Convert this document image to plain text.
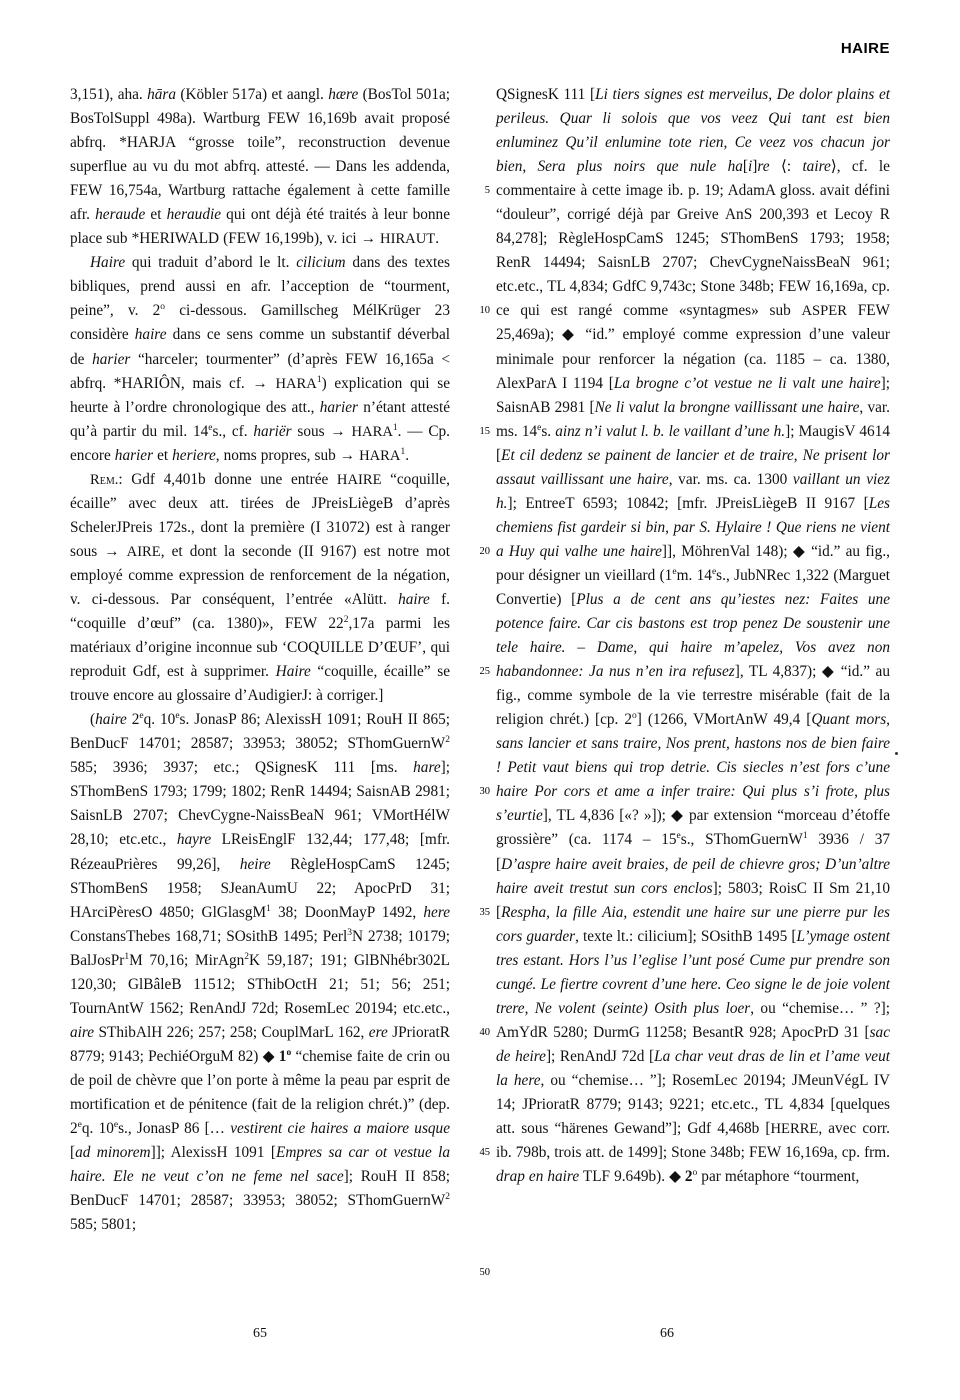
HAIRE

3,151), aha. hāra (Köbler 517a) et aangl. hære (BosTol 501a; BosTolSuppl 498a). Wartburg FEW 16,169b avait proposé abfrq. *HARJA “grosse toile”, reconstruction devenue superflue au vu du mot abfrq. attesté. — Dans les addenda, FEW 16,754a, Wartburg rattache également à cette famille afr. heraude et heraudie qui ont déjà été traités à leur bonne place sub *HERIWALD (FEW 16,199b), v. ici → HIRAUT.

Haire qui traduit d’abord le lt. cilicium dans des textes bibliques, prend aussi en afr. l’acception de “tourment, peine”, v. 2$^o$ ci-dessous. Gamillscheg MélKrüger 23 considère haire dans ce sens comme un substantif déverbal de harier “harceler; tourmenter” (d’après FEW 16,165a < abfrq. *HARIÔN, mais cf. → $HARA^1$) explication qui se heurte à l’ordre chronologique des att., harier n’étant attesté qu’à partir du mil. 14es., cf. hariër sous → $HARA^1$. — Cp. encore harier et heriere, noms propres, sub → $HARA^1$.

Rem.: Gdf 4,401b donne une entrée HAIRE “coquille, écaille” avec deux att. tirées de JPreisLiègeB d’après SchelerJPreis 172s., dont la première (I 31072) est à ranger sous → AIRE, et dont la seconde (II 9167) est notre mot employé comme expression de renforcement de la négation, v. ci-dessous. Par conséquent, l’entrée «Alütt. haire f. “coquille d’œuf” (ca. 1380)», FEW $22^2,17a$ parmi les matériaux d’origine inconnue sub ‘COQUILLE D’ŒUF’, qui reproduit Gdf, est à supprimer. Haire “coquille, écaille” se trouve encore au glossaire d’AudigierJ: à corriger.]

(haire 2eq. 10es. JonasP 86; AlexissH 1091; RouH II 865; BenDucF 14701; 28587; 33953; 38052; SThomGuernW$^2$ 585; 3936; 3937; etc.; QSignesK 111 [ms. hare]; SThomBenS 1793; 1799; 1802; RenR 14494; SaisnAB 2981; SaisnLB 2707; ChevCygne-NaissBeaN 961; VMortHélW 28,10; etc.etc., hayre LReisEnglF 132,44; 177,48; [mfr. RézeauPrières 99,26], heire RègleHospCamS 1245; SThomBenS 1958; SJeanAumU 22; ApocPrD 31; HArciPèresO 4850; GlGlasgM$^1$ 38; DoonMayP 1492, here ConstansThebes 168,71; SOsithB 1495; Perl$^3$N 2738; 10179; BalJosPr$^1$M 70,16; MirAgn$^2$K 59,187; 191; GlBNhébr302L 120,30; GlBâleB 11512; SThibOctH 21; 51; 56; 251; TournAntW 1562; RenAndJ 72d; RosemLec 20194; etc.etc., aire SThibAlH 226; 257; 258; CouplMarL 162, ere JPrioratR 8779; 9143; PechiéOrguM 82) ◆ 1$^o$ “chemise faite de crin ou de poil de chèvre que l’on porte à même la peau par esprit de mortification et de pénitence (fait de la religion chrét.)” (dep. 2eq. 10es., JonasP 86 [… vestirent cie haires a maiore usque [ad minorem]]; AlexissH 1091 [Empres sa car ot vestue la haire. Ele ne veut c’on ne feme nel sace]; RouH II 858; BenDucF 14701; 28587; 33953; 38052; SThomGuernW$^2$ 585; 5801;

5
10
15
20
25
30
35
40
45
50

QSignesK 111 [Li tiers signes est merveilus, De dolor plains et perileus. Quar li solois que vos veez Qui tant est bien enluminez Qu’il enlumine tote rien, Ce veez vos chacun jor bien, Sera plus noirs que nule ha[i]re ⟨: taire⟩, cf. le commentaire à cette image ib. p. 19; AdamA gloss. avait défini “douleur”, corrigé déjà par Greive AnS 200,393 et Lecoy R 84,278]; RègleHospCamS 1245; SThomBenS 1793; 1958; RenR 14494; SaisnLB 2707; ChevCygneNaissBeaN 961; etc.etc., TL 4,834; GdfC 9,743c; Stone 348b; FEW 16,169a, cp. ce qui est rangé comme «syntagmes» sub ASPER FEW 25,469a); ◆ “id.” employé comme expression d’une valeur minimale pour renforcer la négation (ca. 1185 – ca. 1380, AlexParA I 1194 [La brogne c’ot vestue ne li valt une haire]; SaisnAB 2981 [Ne li valut la brongne vaillissant une haire, var. ms. 14es. ainz n’i valut l. b. le vaillant d’une h.]; MaugisV 4614 [Et cil dedenz se painent de lancier et de traire, Ne prisent lor assaut vaillissant une haire, var. ms. ca. 1300 vaillant un viez h.]; EntreeT 6593; 10842; [mfr. JPreisLiègeB II 9167 [Les chemiens fist gardeir si bin, par S. Hylaire ! Que riens ne vient a Huy qui valhe une haire]], MöhrenVal 148); ◆ “id.” au fig., pour désigner un vieillard (1em. 14es., JubNRec 1,322 (Marguet Convertie) [Plus a de cent ans qu’iestes nez: Faites une potence faire. Car cis bastons est trop penez De soustenir une tele haire. – Dame, qui haire m’apelez, Vos avez non habandonnee: Ja nus n’en ira refusez], TL 4,837); ◆ “id.” au fig., comme symbole de la vie terrestre misérable (fait de la religion chrét.) [cp. 2$^o$] (1266, VMortAnW 49,4 [Quant mors, sans lancier et sans traire, Nos prent, hastons nos de bien faire ! Petit vaut biens qui trop detrie. Cis siecles n’est fors c’une haire Por cors et ame a infer traire: Qui plus s’i frote, plus s’eurtie], TL 4,836 [«? »]); ◆ par extension “morceau d’étoffe grossière” (ca. 1174 – 15es., SThomGuernW$^1$ 3936 / 37 [D’aspre haire aveit braies, de peil de chievre gros; D’un’altre haire aveit trestut sun cors enclos]; 5803; RoisC II Sm 21,10 [Respha, la fille Aia, estendit une haire sur une pierre pur les cors guarder, texte lt.: cilicium]; SOsithB 1495 [L’ymage ostent tres estant. Hors l’us l’eglise l’unt posé Cume pur prendre son cungé. Le fiertre covrent d’une here. Ceo signe le de joie volent trere, Ne volent (seinte) Osith plus loer, ou “chemise… ” ?]; AmYdR 5280; DurmG 11258; BesantR 928; ApocPrD 31 [sac de heire]; RenAndJ 72d [La char veut dras de lin et l’ame veut la here, ou “chemise… ”]; RosemLec 20194; JMeunVégL IV 14; JPrioratR 8779; 9143; 9221; etc.etc., TL 4,834 [quelques att. sous “härenes Gewand”]; Gdf 4,468b [HERRE, avec corr. ib. 798b, trois att. de 1499]; Stone 348b; FEW 16,169a, cp. frm. drap en haire TLF 9.649b). ◆ 2$^o$ par métaphore “tourment,

65	66
